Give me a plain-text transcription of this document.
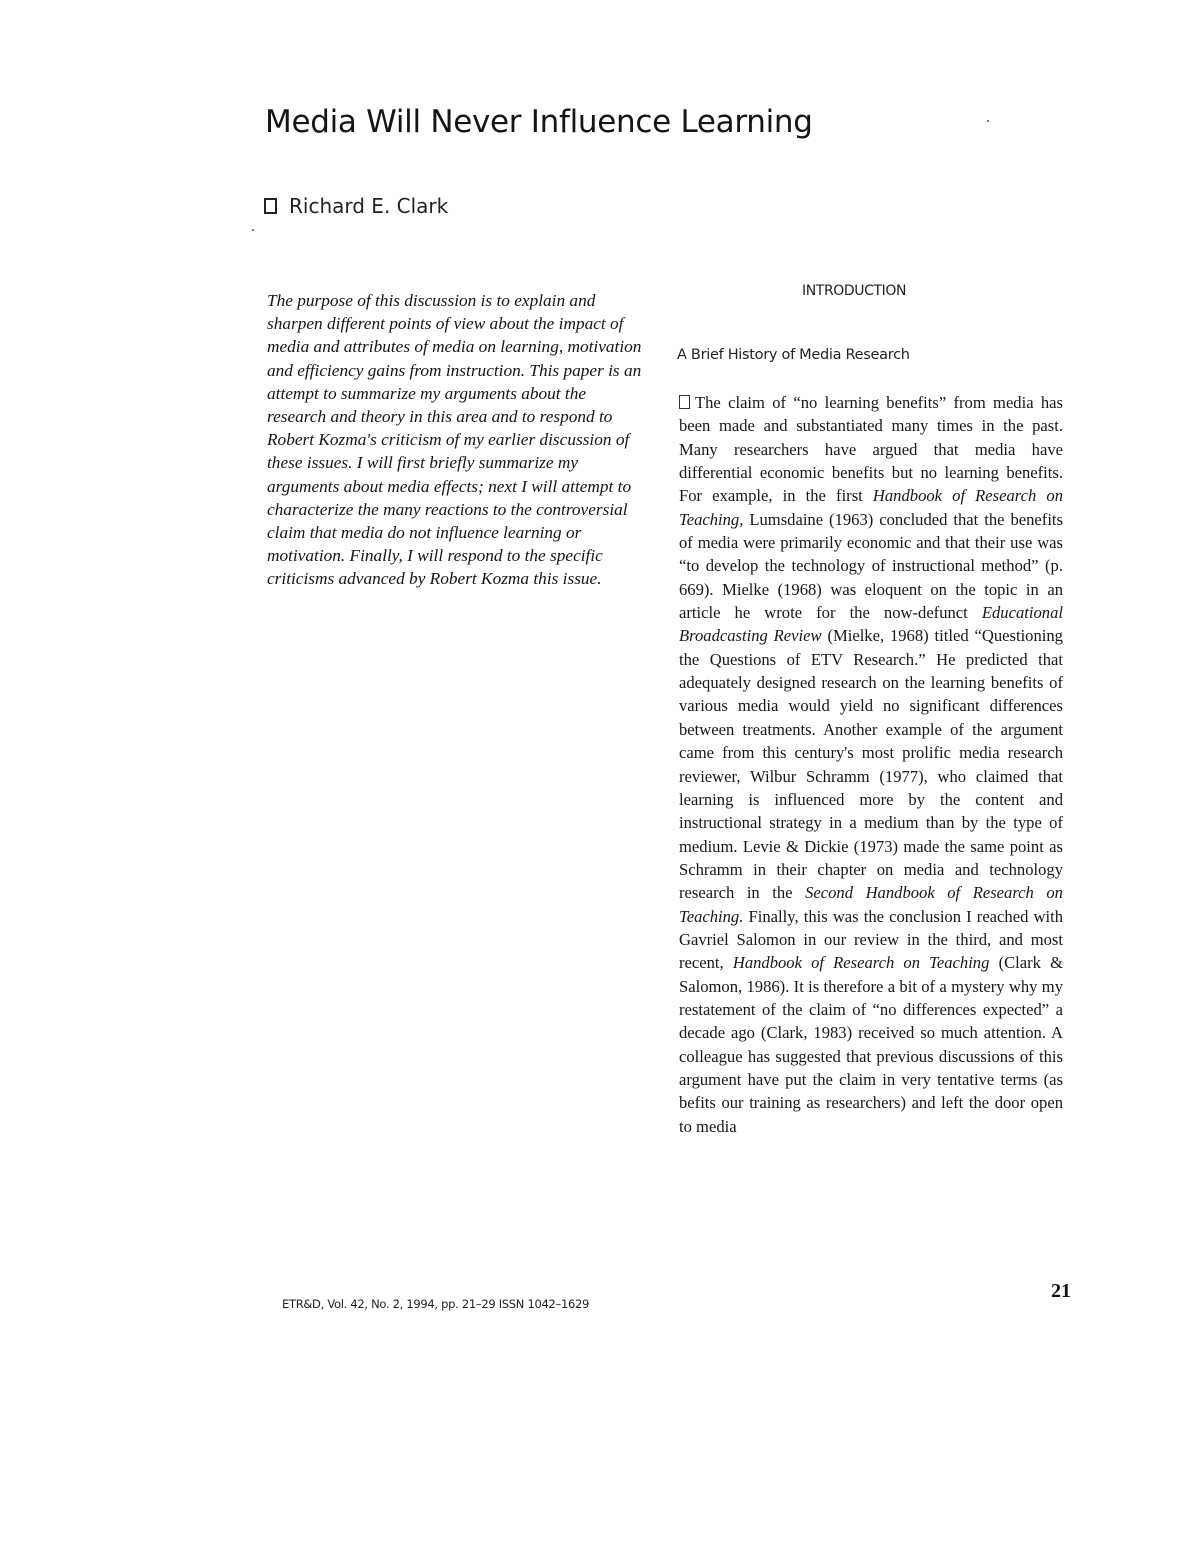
Media Will Never Influence Learning
Richard E. Clark

The purpose of this discussion is to explain and sharpen different points of view about the impact of media and attributes of media on learning, motivation and efficiency gains from instruction. This paper is an attempt to summarize my arguments about the research and theory in this area and to respond to Robert Kozma's criticism of my earlier discussion of these issues. I will first briefly summarize my arguments about media effects; next I will attempt to characterize the many reactions to the controversial claim that media do not influence learning or motivation. Finally, I will respond to the specific criticisms advanced by Robert Kozma this issue.

INTRODUCTION
A Brief History of Media Research

The claim of “no learning benefits” from media has been made and substantiated many times in the past. Many researchers have argued that media have differential economic benefits but no learning benefits. For example, in the first Handbook of Research on Teaching, Lumsdaine (1963) concluded that the benefits of media were primarily economic and that their use was “to develop the technology of instructional method” (p. 669). Mielke (1968) was eloquent on the topic in an article he wrote for the now-defunct Educational Broadcasting Review (Mielke, 1968) titled “Questioning the Questions of ETV Research.” He predicted that adequately designed research on the learning benefits of various media would yield no significant differences between treatments. Another example of the argument came from this century's most prolific media research reviewer, Wilbur Schramm (1977), who claimed that learning is influenced more by the content and instructional strategy in a medium than by the type of medium. Levie & Dickie (1973) made the same point as Schramm in their chapter on media and technology research in the Second Handbook of Research on Teaching. Finally, this was the conclusion I reached with Gavriel Salomon in our review in the third, and most recent, Handbook of Research on Teaching (Clark & Salomon, 1986). It is therefore a bit of a mystery why my restatement of the claim of “no differences expected” a decade ago (Clark, 1983) received so much attention. A colleague has suggested that previous discussions of this argument have put the claim in very tentative terms (as befits our training as researchers) and left the door open to media

ETR&D, Vol. 42, No. 2, 1994, pp. 21–29 ISSN 1042–1629
21
